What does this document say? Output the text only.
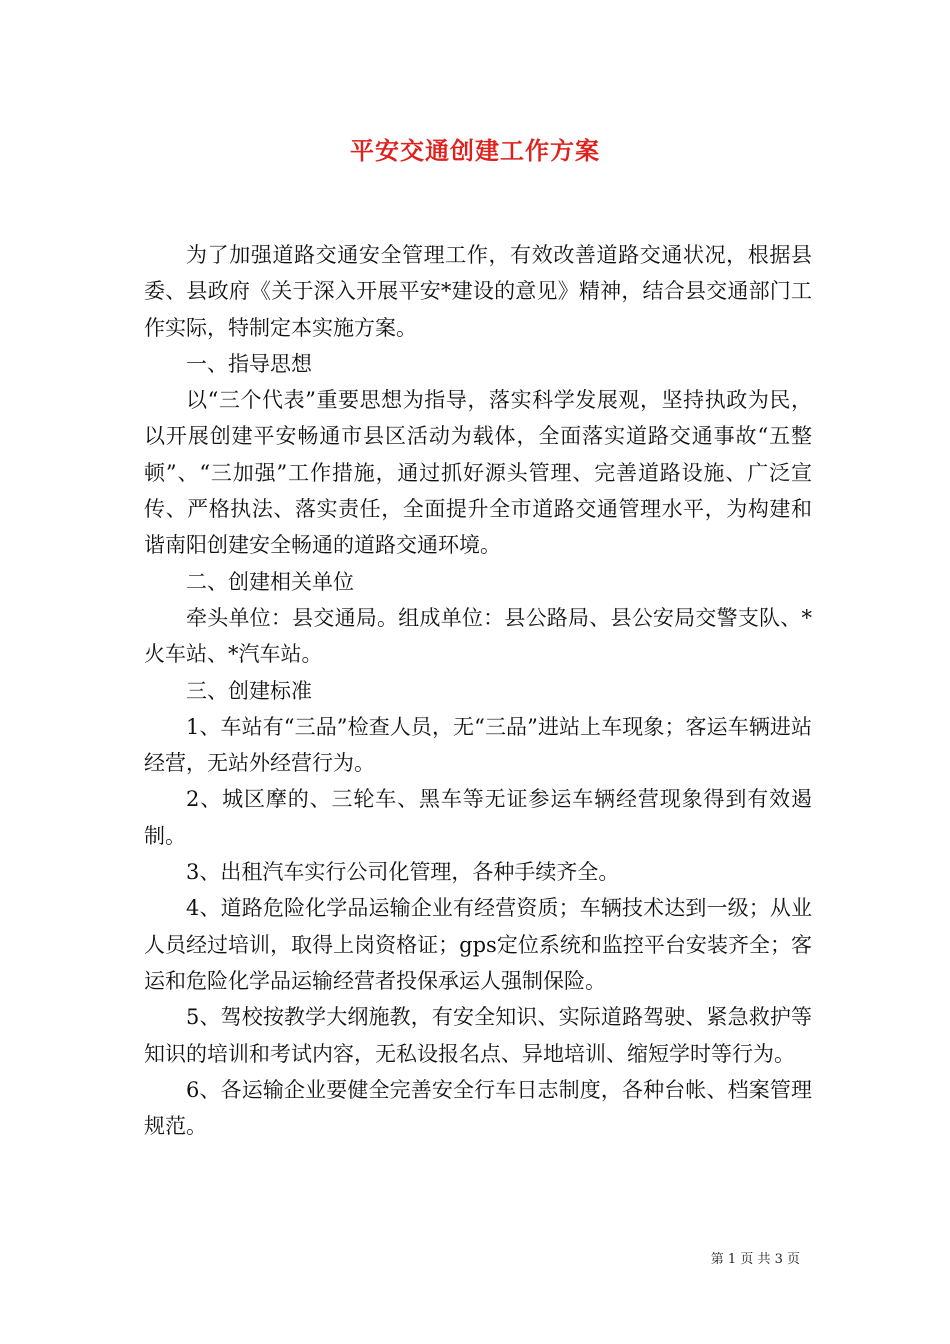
平安交通创建工作方案

为了加强道路交通安全管理工作，有效改善道路交通状况，根据县委、县政府《关于深入开展平安*建设的意见》精神，结合县交通部门工作实际，特制定本实施方案。

一、指导思想

以“三个代表”重要思想为指导，落实科学发展观，坚持执政为民，以开展创建平安畅通市县区活动为载体，全面落实道路交通事故“五整顿”、“三加强”工作措施，通过抓好源头管理、完善道路设施、广泛宣传、严格执法、落实责任，全面提升全市道路交通管理水平，为构建和谐南阳创建安全畅通的道路交通环境。

二、创建相关单位

牵头单位：县交通局。组成单位：县公路局、县公安局交警支队、*火车站、*汽车站。

三、创建标准

1、车站有“三品”检查人员，无“三品”进站上车现象；客运车辆进站经营，无站外经营行为。

2、城区摩的、三轮车、黑车等无证参运车辆经营现象得到有效遏制。

3、出租汽车实行公司化管理，各种手续齐全。

4、道路危险化学品运输企业有经营资质；车辆技术达到一级；从业人员经过培训，取得上岗资格证；gps定位系统和监控平台安装齐全；客运和危险化学品运输经营者投保承运人强制保险。

5、驾校按教学大纲施教，有安全知识、实际道路驾驶、紧急救护等知识的培训和考试内容，无私设报名点、异地培训、缩短学时等行为。

6、各运输企业要健全完善安全行车日志制度，各种台帐、档案管理规范。

第 1 页 共 3 页
